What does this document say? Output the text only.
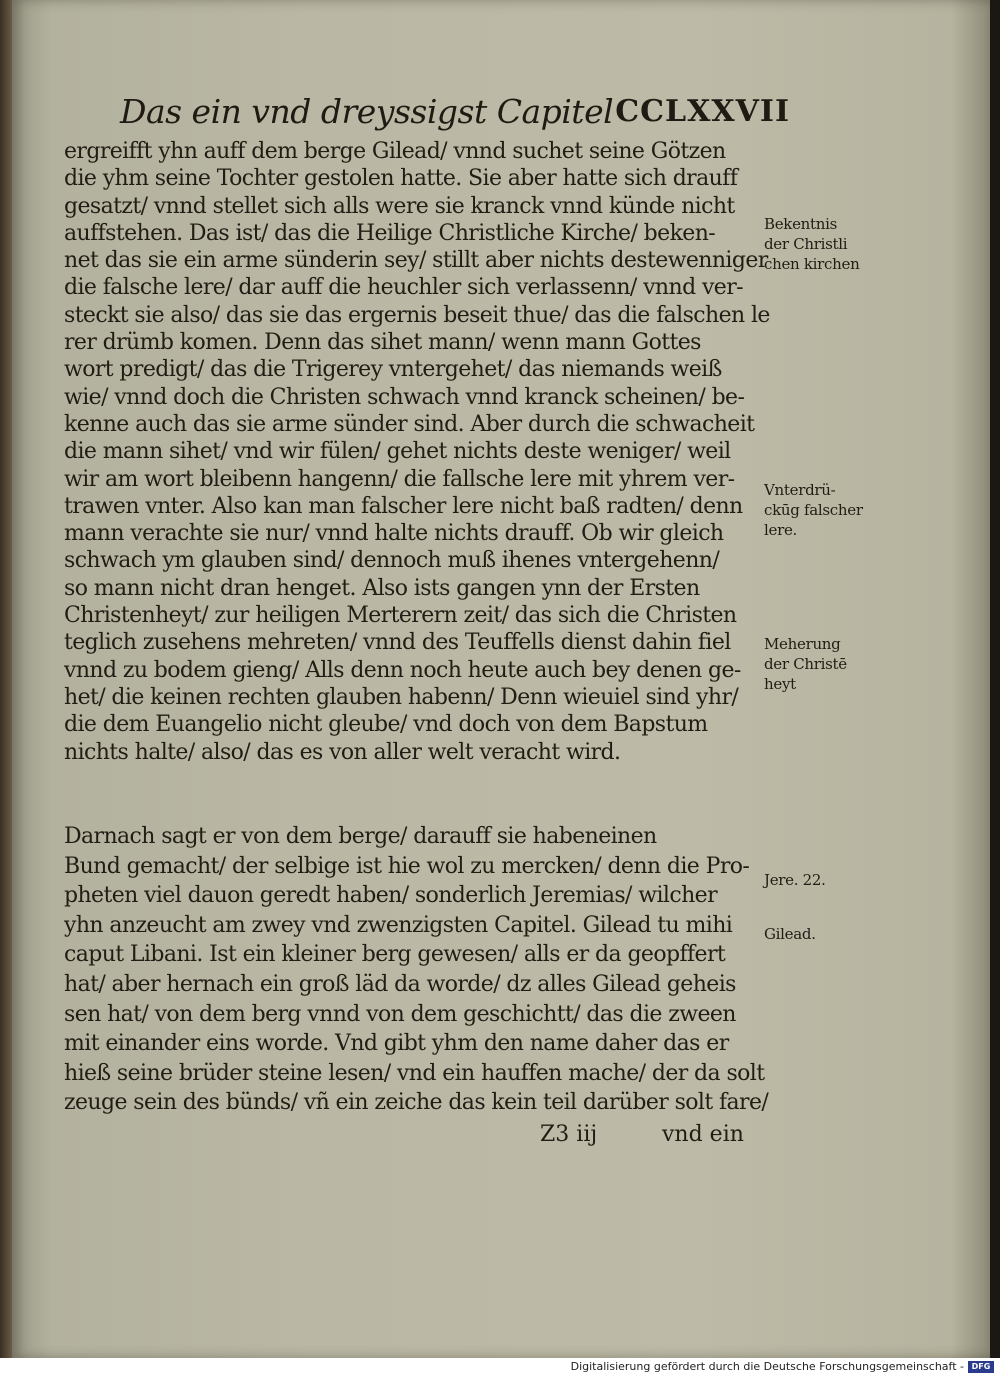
Das ein vnd dreyssigst Capitel CCLXXVII
ergreifft yhn auff dem berge Gilead/ vnnd suchet seine Götzen
die yhm seine Tochter gestolen hatte. Sie aber hatte sich drauff
gesatzt/ vnnd stellet sich alls were sie kranck vnnd künde nicht
auffstehen. Das ist/ das die Heilige Christliche Kirche/ beken-
net das sie ein arme sünderin sey/ stillt aber nichts destewenniger
die falsche lere/ dar auff die heuchler sich verlassenn/ vnnd ver-
steckt sie also/ das sie das ergernis beseit thue/ das die falschen le
rer drümb komen. Denn das sihet mann/ wenn mann Gottes
wort predigt/ das die Trigerey vntergehet/ das niemands weiß
wie/ vnnd doch die Christen schwach vnnd kranck scheinen/ be-
kenne auch das sie arme sünder sind. Aber durch die schwacheit
die mann sihet/ vnd wir fülen/ gehet nichts deste weniger/ weil
wir am wort bleibenn hangenn/ die fallsche lere mit yhrem ver-
trawen vnter. Also kan man falscher lere nicht baß radten/ denn
mann verachte sie nur/ vnnd halte nichts drauff. Ob wir gleich
schwach ym glauben sind/ dennoch muß ihenes vntergehenn/
so mann nicht dran henget. Also ists gangen ynn der Ersten
Christenheyt/ zur heiligen Merterern zeit/ das sich die Christen
teglich zusehens mehreten/ vnnd des Teuffells dienst dahin fiel
vnnd zu bodem gieng/ Alls denn noch heute auch bey denen ge-
het/ die keinen rechten glauben habenn/ Denn wieuiel sind yhr/
die dem Euangelio nicht gleube/ vnd doch von dem Bapstum
nichts halte/ also/ das es von aller welt veracht wird.
Darnach sagt er von dem berge/ darauff sie habeneinen
Bund gemacht/ der selbige ist hie wol zu mercken/ denn die Pro-
pheten viel dauon geredt haben/ sonderlich Jeremias/ wilcher
yhn anzeucht am zwey vnd zwenzigsten Capitel. Gilead tu mihi
caput Libani. Ist ein kleiner berg gewesen/ alls er da geopffert
hat/ aber hernach ein groß läd da worde/ dz alles Gilead geheis
sen hat/ von dem berg vnnd von dem geschichtt/ das die zween
mit einander eins worde. Vnd gibt yhm den name daher das er
hieß seine brüder steine lesen/ vnd ein hauffen mache/ der da solt
zeuge sein des bünds/ vñ ein zeiche das kein teil darüber solt fare/
Z3 iij	vnd ein
Bekentnis
der Christli
chen kirchen
Vnterdrü-
ckūg falscher
lere.
Meherung
der Christē
heyt
Jere. 22.
Gilead.
Digitalisierung gefördert durch die Deutsche Forschungsgemeinschaft - DFG
